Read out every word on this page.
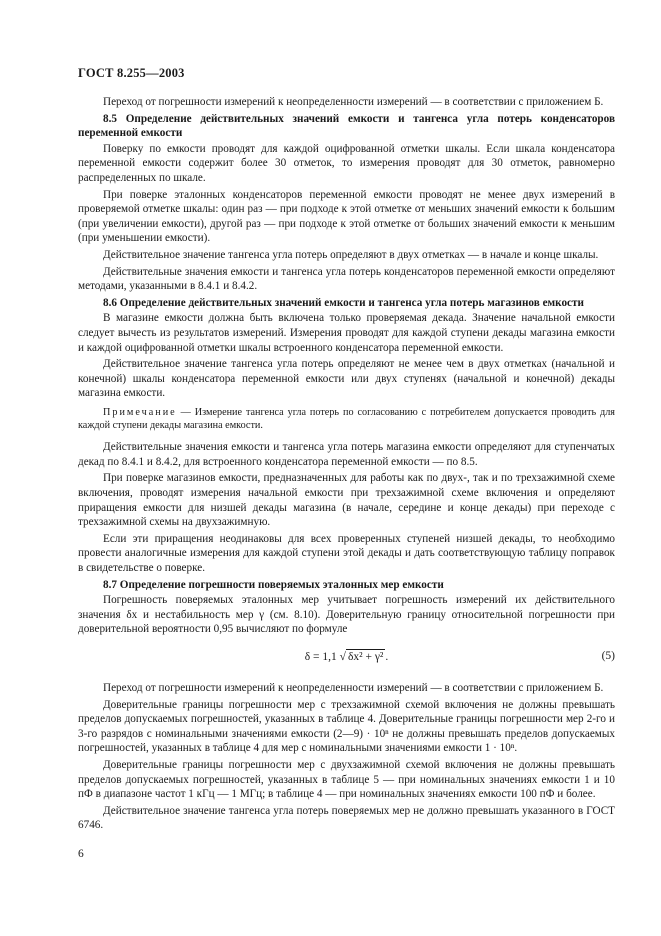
ГОСТ 8.255—2003

Переход от погрешности измерений к неопределенности измерений — в соответствии с приложением Б.

8.5 Определение действительных значений емкости и тангенса угла потерь конденсаторов переменной емкости

Поверку по емкости проводят для каждой оцифрованной отметки шкалы. Если шкала конденсатора переменной емкости содержит более 30 отметок, то измерения проводят для 30 отметок, равномерно распределенных по шкале.

При поверке эталонных конденсаторов переменной емкости проводят не менее двух измерений в проверяемой отметке шкалы: один раз — при подходе к этой отметке от меньших значений емкости к большим (при увеличении емкости), другой раз — при подходе к этой отметке от больших значений емкости к меньшим (при уменьшении емкости).

Действительное значение тангенса угла потерь определяют в двух отметках — в начале и конце шкалы.

Действительные значения емкости и тангенса угла потерь конденсаторов переменной емкости определяют методами, указанными в 8.4.1 и 8.4.2.

8.6 Определение действительных значений емкости и тангенса угла потерь магазинов емкости

В магазине емкости должна быть включена только проверяемая декада. Значение начальной емкости следует вычесть из результатов измерений. Измерения проводят для каждой ступени декады магазина емкости и каждой оцифрованной отметки шкалы встроенного конденсатора переменной емкости.

Действительное значение тангенса угла потерь определяют не менее чем в двух отметках (начальной и конечной) шкалы конденсатора переменной емкости или двух ступенях (начальной и конечной) декады магазина емкости.

Примечание — Измерение тангенса угла потерь по согласованию с потребителем допускается проводить для каждой ступени декады магазина емкости.

Действительные значения емкости и тангенса угла потерь магазина емкости определяют для ступенчатых декад по 8.4.1 и 8.4.2, для встроенного конденсатора переменной емкости — по 8.5.

При поверке магазинов емкости, предназначенных для работы как по двух-, так и по трехзажимной схеме включения, проводят измерения начальной емкости при трехзажимной схеме включения и определяют приращения емкости для низшей декады магазина (в начале, середине и конце декады) при переходе с трехзажимной схемы на двухзажимную.

Если эти приращения неодинаковы для всех проверенных ступеней низшей декады, то необходимо провести аналогичные измерения для каждой ступени этой декады и дать соответствующую таблицу поправок в свидетельстве о поверке.

8.7 Определение погрешности поверяемых эталонных мер емкости

Погрешность поверяемых эталонных мер учитывает погрешность измерений их действительного значения δx и нестабильность мер γ (см. 8.10). Доверительную границу относительной погрешности при доверительной вероятности 0,95 вычисляют по формуле

δ = 1,1 √ δx² + γ² .	(5)

Переход от погрешности измерений к неопределенности измерений — в соответствии с приложением Б.

Доверительные границы погрешности мер с трехзажимной схемой включения не должны превышать пределов допускаемых погрешностей, указанных в таблице 4. Доверительные границы погрешности мер 2-го и 3-го разрядов с номинальными значениями емкости (2—9) · 10ⁿ не должны превышать пределов допускаемых погрешностей, указанных в таблице 4 для мер с номинальными значениями емкости 1 · 10ⁿ.

Доверительные границы погрешности мер с двухзажимной схемой включения не должны превышать пределов допускаемых погрешностей, указанных в таблице 5 — при номинальных значениях емкости 1 и 10 пФ в диапазоне частот 1 кГц — 1 МГц; в таблице 4 — при номинальных значениях емкости 100 пФ и более.

Действительное значение тангенса угла потерь поверяемых мер не должно превышать указанного в ГОСТ 6746.

6
